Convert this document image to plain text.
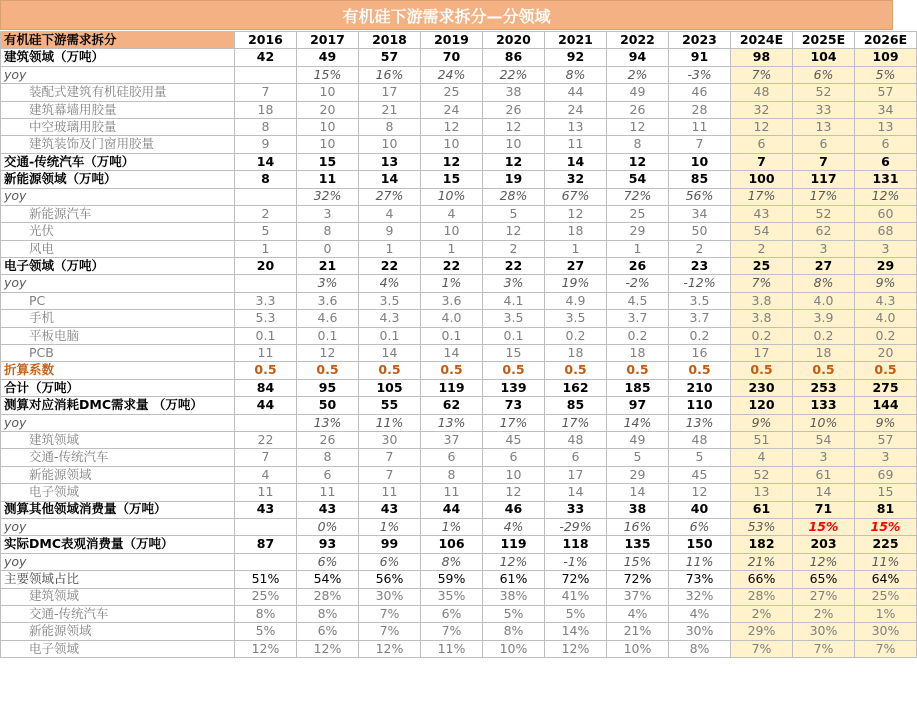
有机硅下游需求拆分—分领域
有机硅下游需求拆分	2016	2017	2018	2019	2020	2021	2022	2023	2024E	2025E	2026E
建筑领域（万吨）	42	49	57	70	86	92	94	91	98	104	109
yoy		15%	16%	24%	22%	8%	2%	-3%	7%	6%	5%
装配式建筑有机硅胶用量	7	10	17	25	38	44	49	46	48	52	57
建筑幕墙用胶量	18	20	21	24	26	24	26	28	32	33	34
中空玻璃用胶量	8	10	8	12	12	13	12	11	12	13	13
建筑装饰及门窗用胶量	9	10	10	10	10	11	8	7	6	6	6
交通-传统汽车（万吨）	14	15	13	12	12	14	12	10	7	7	6
新能源领域（万吨）	8	11	14	15	19	32	54	85	100	117	131
yoy		32%	27%	10%	28%	67%	72%	56%	17%	17%	12%
新能源汽车	2	3	4	4	5	12	25	34	43	52	60
光伏	5	8	9	10	12	18	29	50	54	62	68
风电	1	0	1	1	2	1	1	2	2	3	3
电子领域（万吨）	20	21	22	22	22	27	26	23	25	27	29
yoy		3%	4%	1%	3%	19%	-2%	-12%	7%	8%	9%
PC	3.3	3.6	3.5	3.6	4.1	4.9	4.5	3.5	3.8	4.0	4.3
手机	5.3	4.6	4.3	4.0	3.5	3.5	3.7	3.7	3.8	3.9	4.0
平板电脑	0.1	0.1	0.1	0.1	0.1	0.2	0.2	0.2	0.2	0.2	0.2
PCB	11	12	14	14	15	18	18	16	17	18	20
折算系数	0.5	0.5	0.5	0.5	0.5	0.5	0.5	0.5	0.5	0.5	0.5
合计（万吨）	84	95	105	119	139	162	185	210	230	253	275
测算对应消耗DMC需求量 （万吨）	44	50	55	62	73	85	97	110	120	133	144
yoy		13%	11%	13%	17%	17%	14%	13%	9%	10%	9%
建筑领域	22	26	30	37	45	48	49	48	51	54	57
交通-传统汽车	7	8	7	6	6	6	5	5	4	3	3
新能源领域	4	6	7	8	10	17	29	45	52	61	69
电子领域	11	11	11	11	12	14	14	12	13	14	15
测算其他领域消费量（万吨）	43	43	43	44	46	33	38	40	61	71	81
yoy		0%	1%	1%	4%	-29%	16%	6%	53%	15%	15%
实际DMC表观消费量（万吨）	87	93	99	106	119	118	135	150	182	203	225
yoy		6%	6%	8%	12%	-1%	15%	11%	21%	12%	11%
主要领域占比	51%	54%	56%	59%	61%	72%	72%	73%	66%	65%	64%
建筑领域	25%	28%	30%	35%	38%	41%	37%	32%	28%	27%	25%
交通-传统汽车	8%	8%	7%	6%	5%	5%	4%	4%	2%	2%	1%
新能源领域	5%	6%	7%	7%	8%	14%	21%	30%	29%	30%	30%
电子领域	12%	12%	12%	11%	10%	12%	10%	8%	7%	7%	7%
